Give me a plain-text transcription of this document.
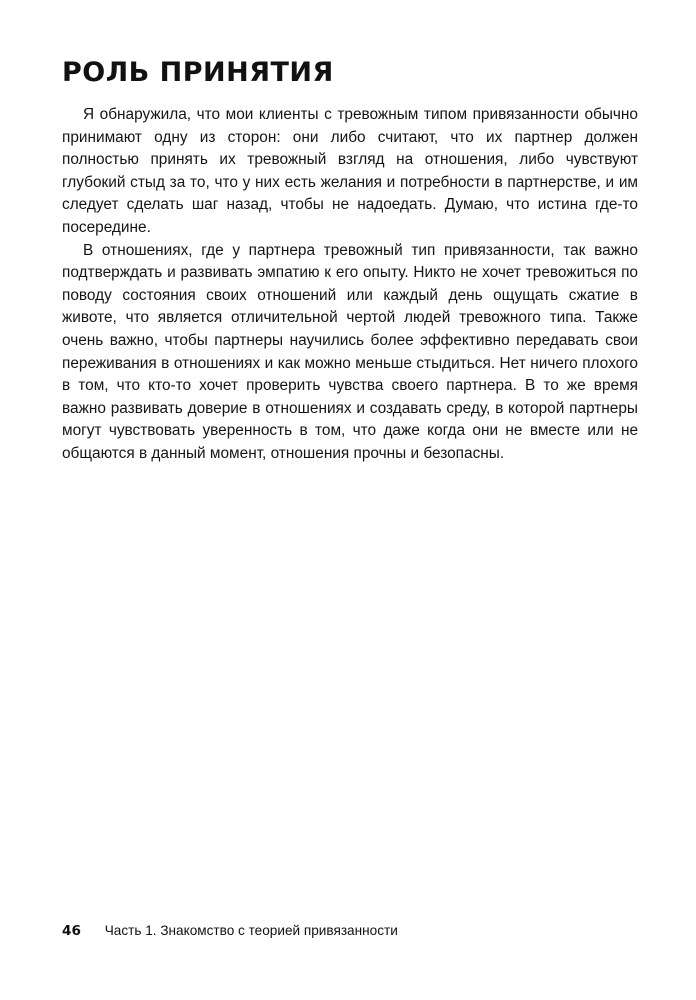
РОЛЬ ПРИНЯТИЯ

Я обнаружила, что мои клиенты с тревожным типом привязанности обычно принимают одну из сторон: они либо считают, что их партнер должен полностью принять их тревожный взгляд на отношения, либо чувствуют глубокий стыд за то, что у них есть желания и потребности в партнерстве, и им следует сделать шаг назад, чтобы не надоедать. Думаю, что истина где-то посередине.

В отношениях, где у партнера тревожный тип привязанности, так важно подтверждать и развивать эмпатию к его опыту. Никто не хочет тревожиться по поводу состояния своих отношений или каждый день ощущать сжатие в животе, что является отличительной чертой людей тревожного типа. Также очень важно, чтобы партнеры научились более эффективно передавать свои переживания в отношениях и как можно меньше стыдиться. Нет ничего плохого в том, что кто-то хочет проверить чувства своего партнера. В то же время важно развивать доверие в отношениях и создавать среду, в которой партнеры могут чувствовать уверенность в том, что даже когда они не вместе или не общаются в данный момент, отношения прочны и безопасны.

46 Часть 1. Знакомство с теорией привязанности
